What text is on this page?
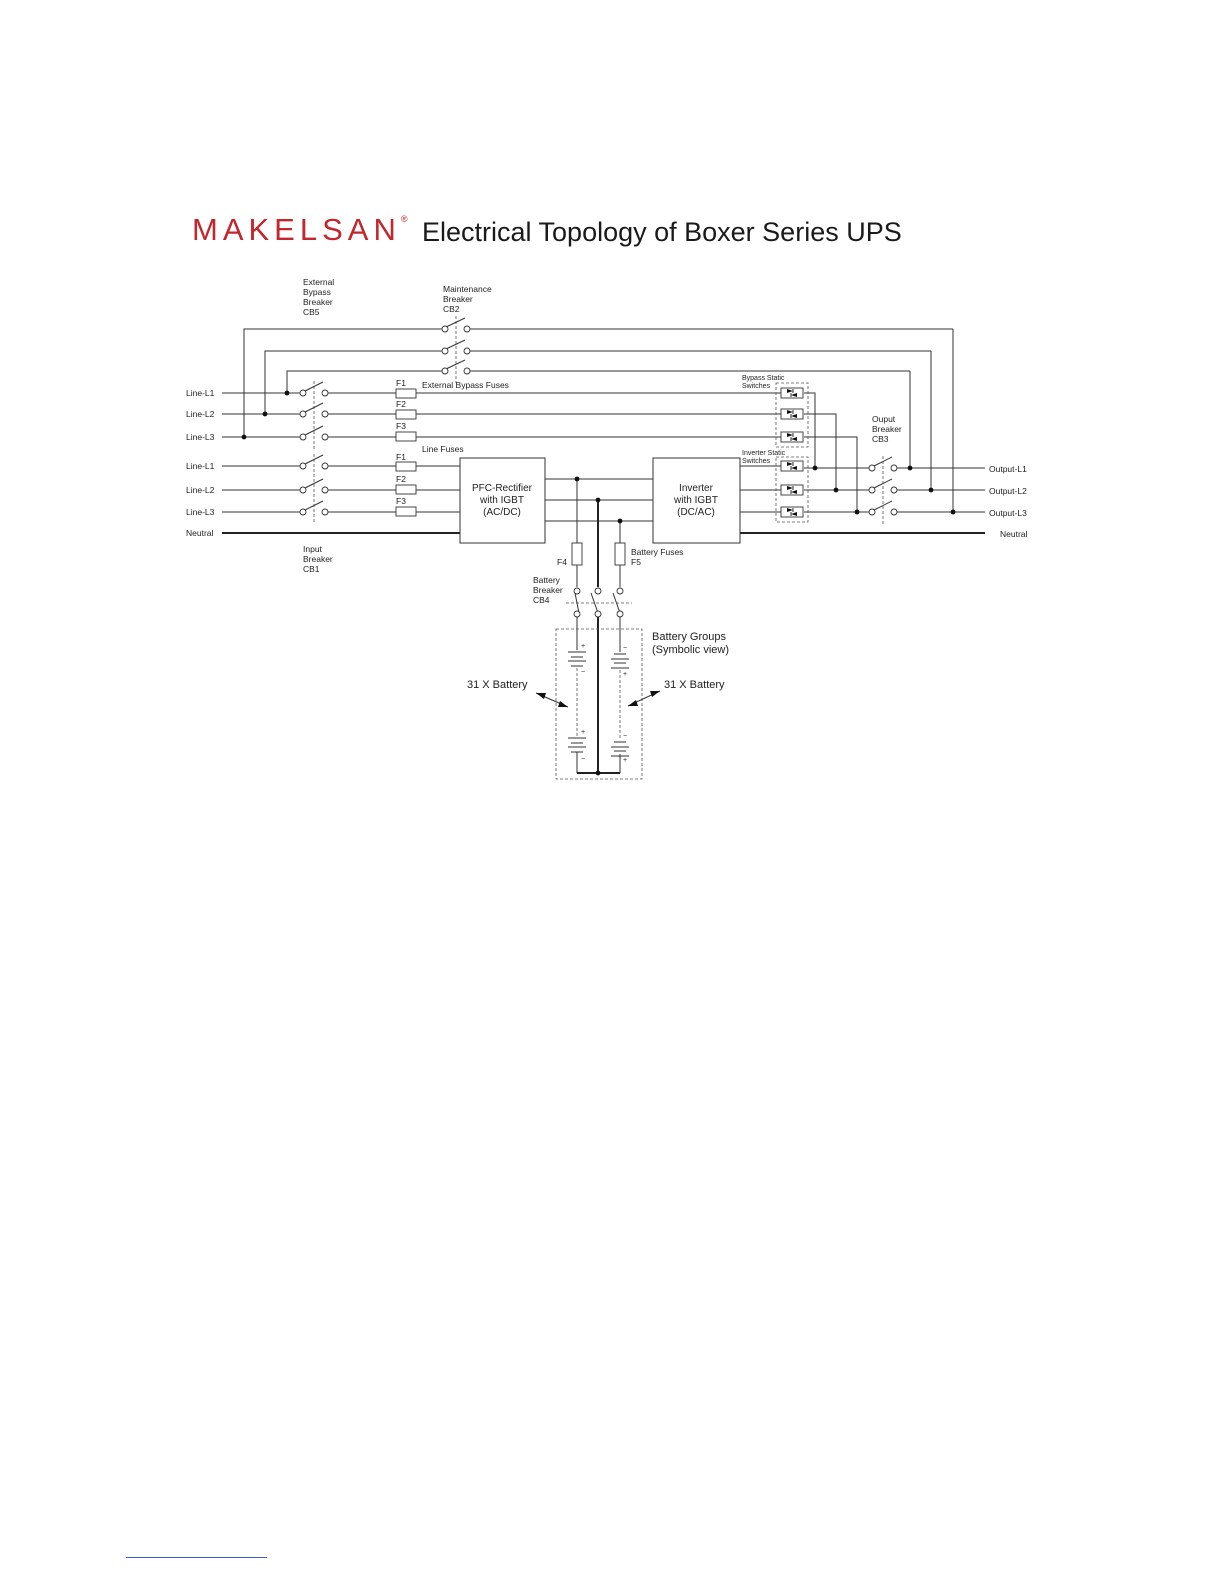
MAKELSAN® Electrical Topology of Boxer Series UPS
+
−
+
−
−
+
−
+
External
Bypass
Breaker
CB5
Maintenance
Breaker
CB2
External Bypass Fuses
Line Fuses
Input
Breaker
CB1
Ouput
Breaker
CB3
Battery
Breaker
CB4
F4
Battery Fuses
F5
Bypass Static
Switches
Inverter Static
Switches
F1
F2
F3
F1
F2
F3
Line-L1
Line-L2
Line-L3
Line-L1
Line-L2
Line-L3
Neutral
Output-L1
Output-L2
Output-L3
Neutral
PFC-Rectifier
with IGBT
(AC/DC)
Inverter
with IGBT
(DC/AC)
Battery Groups
(Symbolic view)
31 X Battery	31 X Battery
